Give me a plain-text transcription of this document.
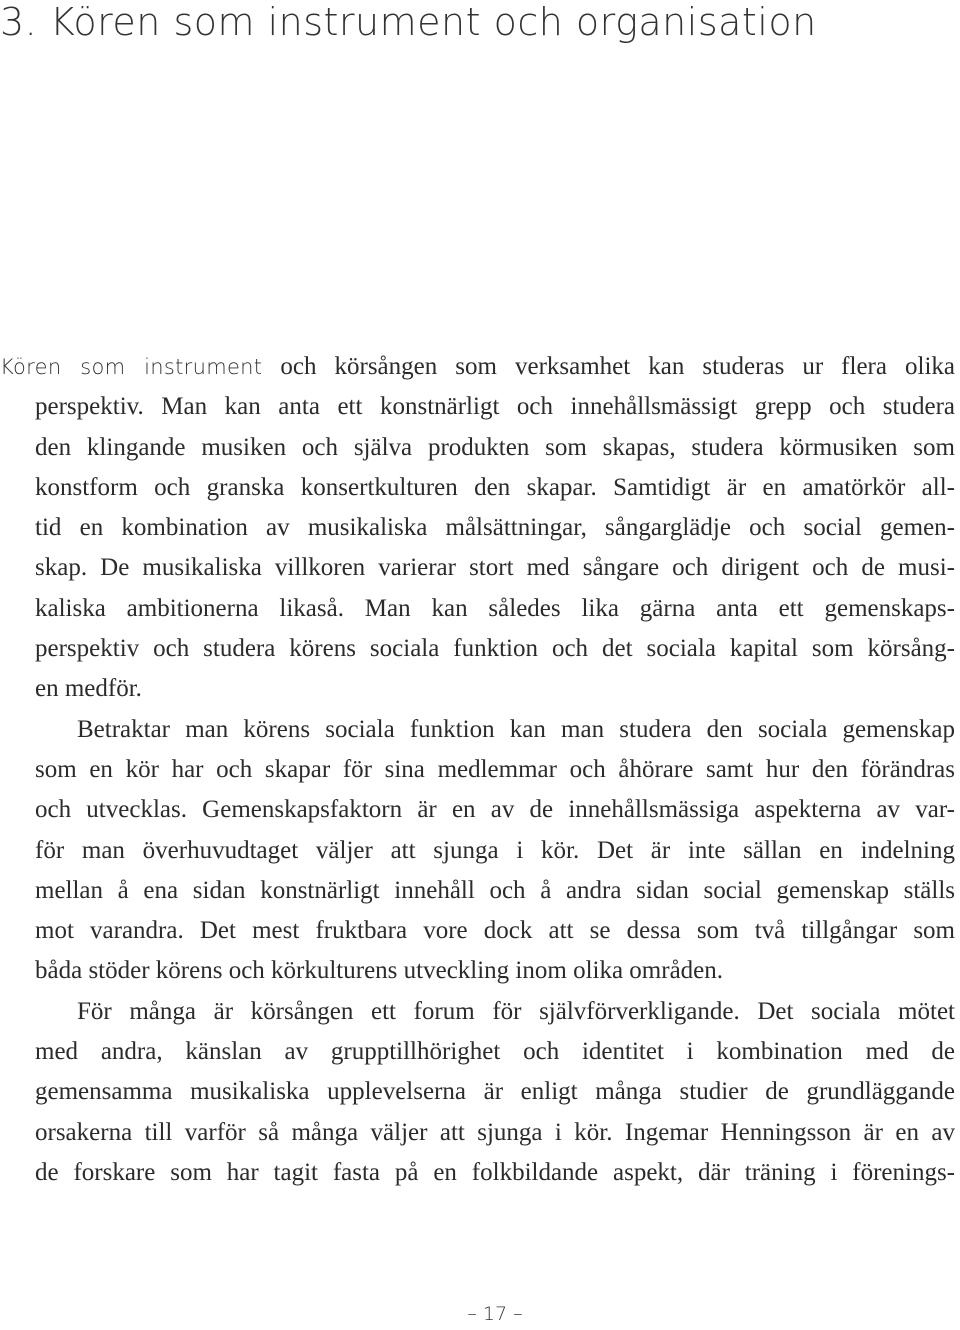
3. Kören som instrument och organisation
Kören som instrument och körsången som verksamhet kan studeras ur flera olika
perspektiv. Man kan anta ett konstnärligt och innehållsmässigt grepp och studera
den klingande musiken och själva produkten som skapas, studera körmusiken som
konstform och granska konsertkulturen den skapar. Samtidigt är en amatörkör all-
tid en kombination av musikaliska målsättningar, sångarglädje och social gemen-
skap. De musikaliska villkoren varierar stort med sångare och dirigent och de musi-
kaliska ambitionerna likaså. Man kan således lika gärna anta ett gemenskaps-
perspektiv och studera körens sociala funktion och det sociala kapital som körsång-
en medför.
Betraktar man körens sociala funktion kan man studera den sociala gemenskap
som en kör har och skapar för sina medlemmar och åhörare samt hur den förändras
och utvecklas. Gemenskapsfaktorn är en av de innehållsmässiga aspekterna av var-
för man överhuvudtaget väljer att sjunga i kör. Det är inte sällan en indelning
mellan å ena sidan konstnärligt innehåll och å andra sidan social gemenskap ställs
mot varandra. Det mest fruktbara vore dock att se dessa som två tillgångar som
båda stöder körens och körkulturens utveckling inom olika områden.
För många är körsången ett forum för självförverkligande. Det sociala mötet
med andra, känslan av grupptillhörighet och identitet i kombination med de
gemensamma musikaliska upplevelserna är enligt många studier de grundläggande
orsakerna till varför så många väljer att sjunga i kör. Ingemar Henningsson är en av
de forskare som har tagit fasta på en folkbildande aspekt, där träning i förenings-
– 17 –
